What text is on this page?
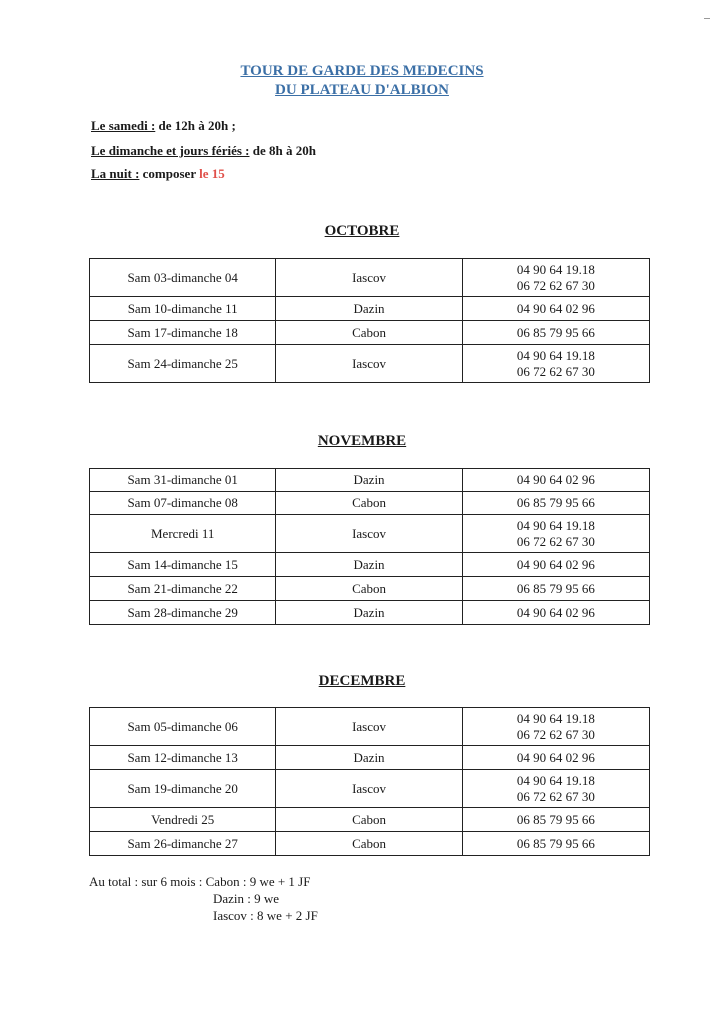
TOUR DE GARDE DES MEDECINS
DU PLATEAU D'ALBION
Le samedi : de 12h à 20h ;
Le dimanche et jours fériés : de 8h à 20h
La nuit : composer le 15
OCTOBRE
Sam 03-dimanche 04	Iascov	04 90 64 19.18
06 72 62 67 30

Sam 10-dimanche 11	Dazin	04 90 64 02 96

Sam 17-dimanche 18	Cabon	06 85 79 95 66

Sam 24-dimanche 25	Iascov	04 90 64 19.18
06 72 62 67 30
NOVEMBRE
Sam 31-dimanche 01	Dazin	04 90 64 02 96

Sam 07-dimanche 08	Cabon	06 85 79 95 66

Mercredi 11	Iascov	04 90 64 19.18
06 72 62 67 30

Sam 14-dimanche 15	Dazin	04 90 64 02 96

Sam 21-dimanche 22	Cabon	06 85 79 95 66

Sam 28-dimanche 29	Dazin	04 90 64 02 96
DECEMBRE
Sam 05-dimanche 06	Iascov	04 90 64 19.18
06 72 62 67 30

Sam 12-dimanche 13	Dazin	04 90 64 02 96

Sam 19-dimanche 20	Iascov	04 90 64 19.18
06 72 62 67 30

Vendredi 25	Cabon	06 85 79 95 66

Sam 26-dimanche 27	Cabon	06 85 79 95 66
Au total : sur 6 mois : Cabon : 9 we + 1 JF
Dazin : 9 we
Iascov : 8 we + 2 JF
